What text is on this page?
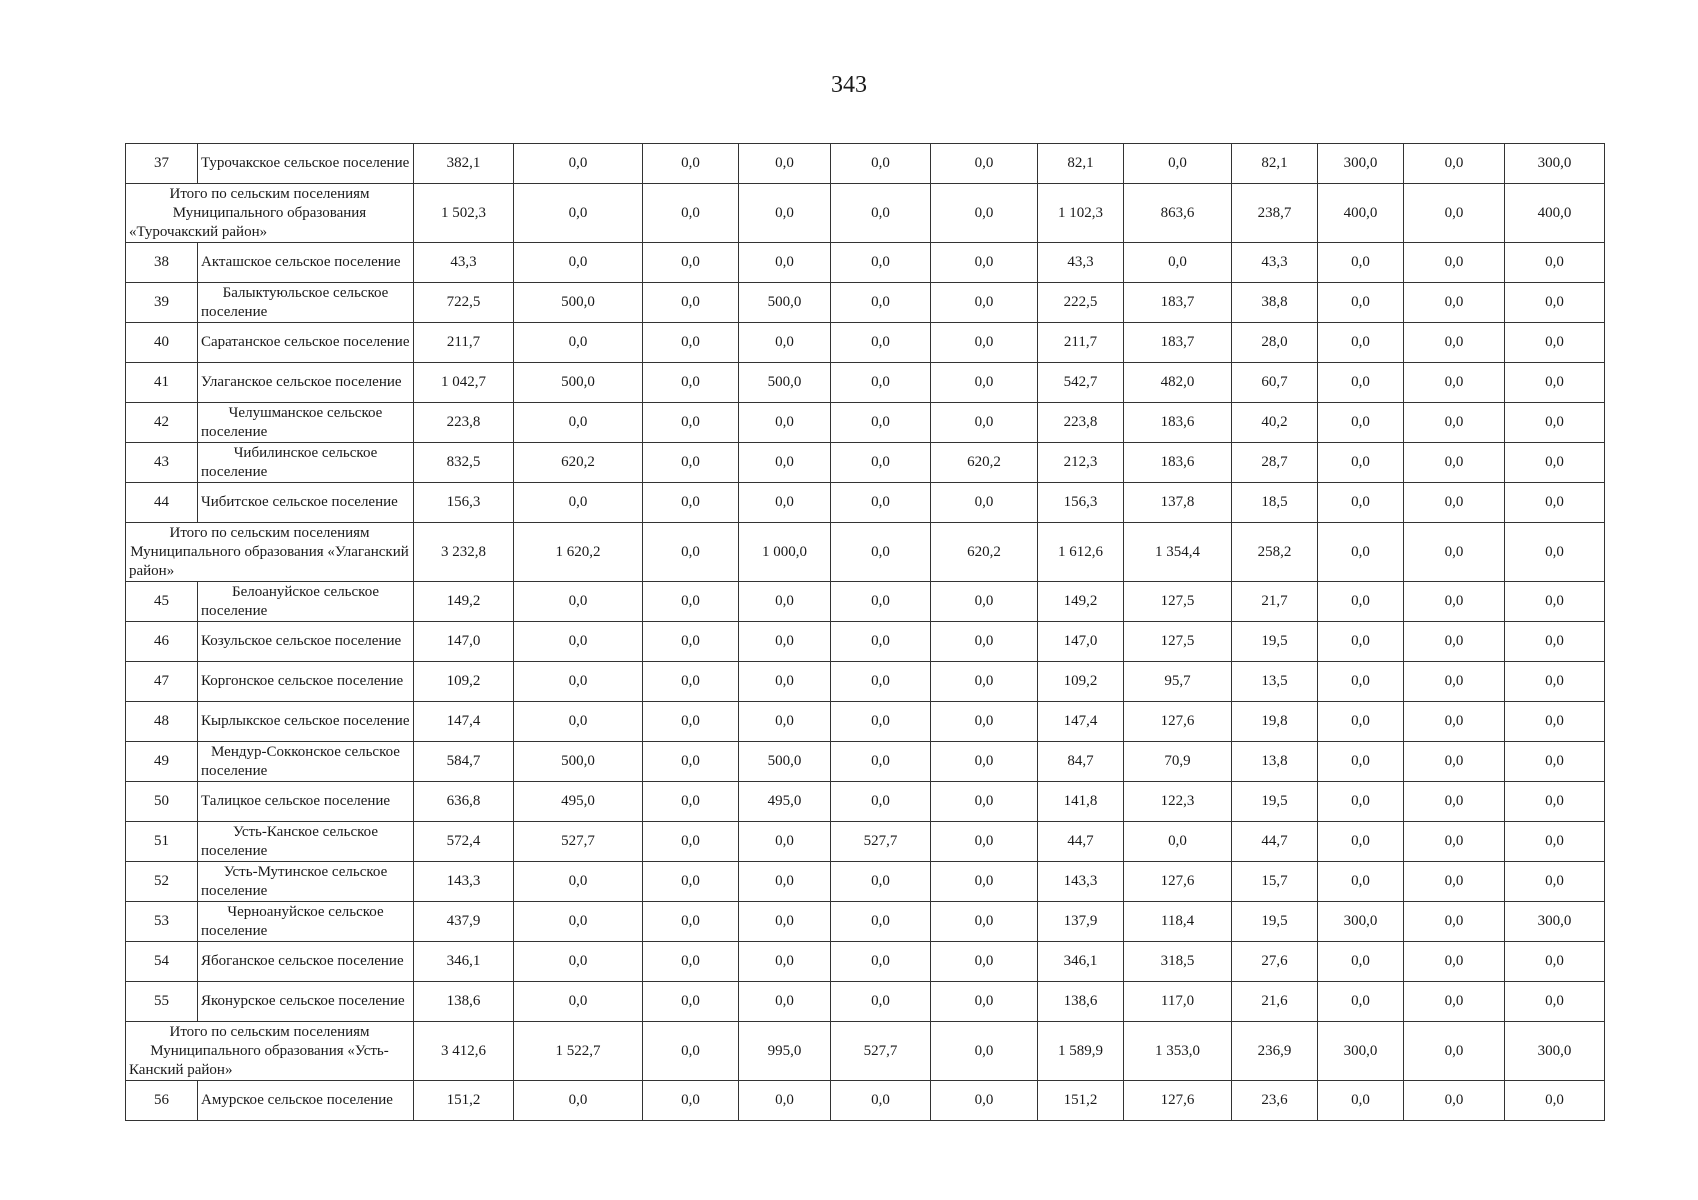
343
37	Турочакское сельское поселение	382,1	0,0	0,0	0,0	0,0	0,0	82,1	0,0	82,1	300,0	0,0	300,0
Итого по сельским поселениям Муниципального образования «Турочакский район»		1 502,3	0,0	0,0	0,0	0,0	0,0	1 102,3	863,6	238,7	400,0	0,0	400,0
38	Акташское сельское поселение	43,3	0,0	0,0	0,0	0,0	0,0	43,3	0,0	43,3	0,0	0,0	0,0
39	Балыктуюльское сельское поселение	722,5	500,0	0,0	500,0	0,0	0,0	222,5	183,7	38,8	0,0	0,0	0,0
40	Саратанское сельское поселение	211,7	0,0	0,0	0,0	0,0	0,0	211,7	183,7	28,0	0,0	0,0	0,0
41	Улаганское сельское поселение	1 042,7	500,0	0,0	500,0	0,0	0,0	542,7	482,0	60,7	0,0	0,0	0,0
42	Челушманское сельское поселение	223,8	0,0	0,0	0,0	0,0	0,0	223,8	183,6	40,2	0,0	0,0	0,0
43	Чибилинское сельское поселение	832,5	620,2	0,0	0,0	0,0	620,2	212,3	183,6	28,7	0,0	0,0	0,0
44	Чибитское сельское поселение	156,3	0,0	0,0	0,0	0,0	0,0	156,3	137,8	18,5	0,0	0,0	0,0
Итого по сельским поселениям Муниципального образования «Улаганский район»		3 232,8	1 620,2	0,0	1 000,0	0,0	620,2	1 612,6	1 354,4	258,2	0,0	0,0	0,0
45	Белоануйское сельское поселение	149,2	0,0	0,0	0,0	0,0	0,0	149,2	127,5	21,7	0,0	0,0	0,0
46	Козульское сельское поселение	147,0	0,0	0,0	0,0	0,0	0,0	147,0	127,5	19,5	0,0	0,0	0,0
47	Коргонское сельское поселение	109,2	0,0	0,0	0,0	0,0	0,0	109,2	95,7	13,5	0,0	0,0	0,0
48	Кырлыкское сельское поселение	147,4	0,0	0,0	0,0	0,0	0,0	147,4	127,6	19,8	0,0	0,0	0,0
49	Мендур-Сокконское сельское поселение	584,7	500,0	0,0	500,0	0,0	0,0	84,7	70,9	13,8	0,0	0,0	0,0
50	Талицкое сельское поселение	636,8	495,0	0,0	495,0	0,0	0,0	141,8	122,3	19,5	0,0	0,0	0,0
51	Усть-Канское сельское поселение	572,4	527,7	0,0	0,0	527,7	0,0	44,7	0,0	44,7	0,0	0,0	0,0
52	Усть-Мутинское сельское поселение	143,3	0,0	0,0	0,0	0,0	0,0	143,3	127,6	15,7	0,0	0,0	0,0
53	Черноануйское сельское поселение	437,9	0,0	0,0	0,0	0,0	0,0	137,9	118,4	19,5	300,0	0,0	300,0
54	Ябоганское сельское поселение	346,1	0,0	0,0	0,0	0,0	0,0	346,1	318,5	27,6	0,0	0,0	0,0
55	Яконурское сельское поселение	138,6	0,0	0,0	0,0	0,0	0,0	138,6	117,0	21,6	0,0	0,0	0,0
Итого по сельским поселениям Муниципального образования «Усть-Канский район»		3 412,6	1 522,7	0,0	995,0	527,7	0,0	1 589,9	1 353,0	236,9	300,0	0,0	300,0
56	Амурское сельское поселение	151,2	0,0	0,0	0,0	0,0	0,0	151,2	127,6	23,6	0,0	0,0	0,0
